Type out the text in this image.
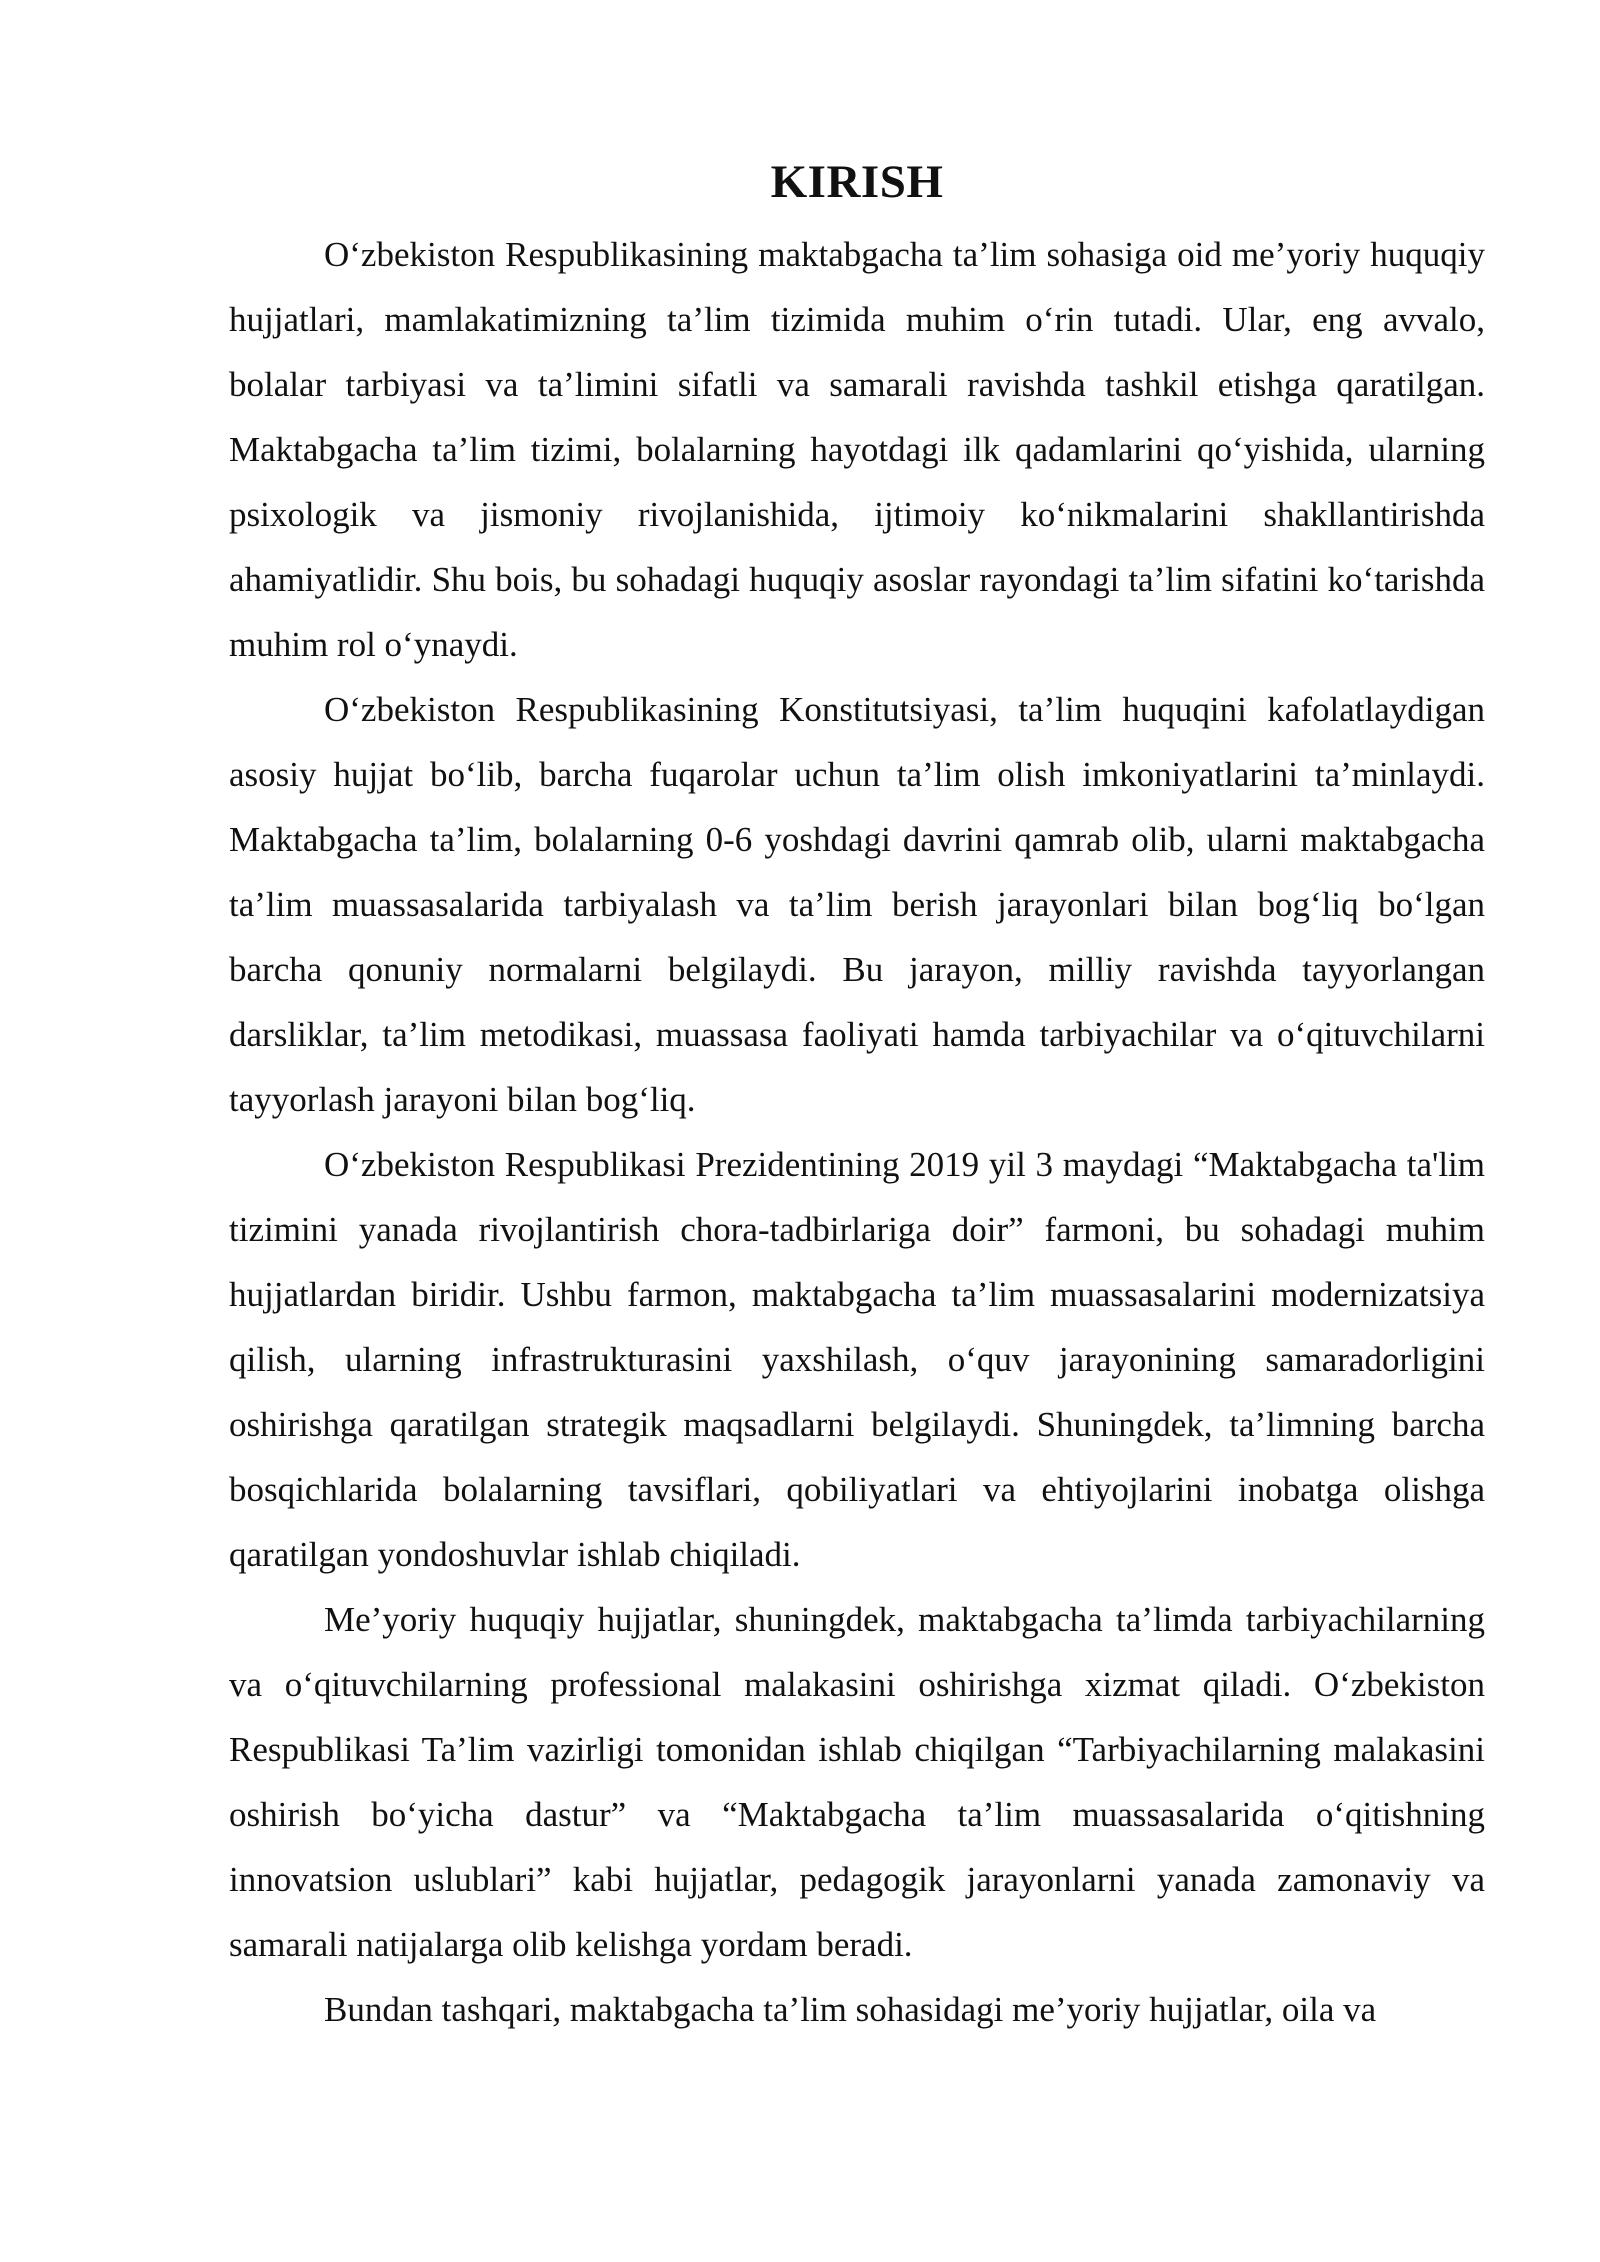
KIRISH

O‘zbekiston Respublikasining maktabgacha ta’lim sohasiga oid me’yoriy huquqiy hujjatlari, mamlakatimizning ta’lim tizimida muhim o‘rin tutadi. Ular, eng avvalo, bolalar tarbiyasi va ta’limini sifatli va samarali ravishda tashkil etishga qaratilgan. Maktabgacha ta’lim tizimi, bolalarning hayotdagi ilk qadamlarini qo‘yishida, ularning psixologik va jismoniy rivojlanishida, ijtimoiy ko‘nikmalarini shakllantirishda ahamiyatlidir. Shu bois, bu sohadagi huquqiy asoslar rayondagi ta’lim sifatini ko‘tarishda muhim rol o‘ynaydi.

O‘zbekiston Respublikasining Konstitutsiyasi, ta’lim huquqini kafolatlaydigan asosiy hujjat bo‘lib, barcha fuqarolar uchun ta’lim olish imkoniyatlarini ta’minlaydi. Maktabgacha ta’lim, bolalarning 0-6 yoshdagi davrini qamrab olib, ularni maktabgacha ta’lim muassasalarida tarbiyalash va ta’lim berish jarayonlari bilan bog‘liq bo‘lgan barcha qonuniy normalarni belgilaydi. Bu jarayon, milliy ravishda tayyorlangan darsliklar, ta’lim metodikasi, muassasa faoliyati hamda tarbiyachilar va o‘qituvchilarni tayyorlash jarayoni bilan bog‘liq.

O‘zbekiston Respublikasi Prezidentining 2019 yil 3 maydagi “Maktabgacha ta'lim tizimini yanada rivojlantirish chora-tadbirlariga doir” farmoni, bu sohadagi muhim hujjatlardan biridir. Ushbu farmon, maktabgacha ta’lim muassasalarini modernizatsiya qilish, ularning infrastrukturasini yaxshilash, o‘quv jarayonining samaradorligini oshirishga qaratilgan strategik maqsadlarni belgilaydi. Shuningdek, ta’limning barcha bosqichlarida bolalarning tavsiflari, qobiliyatlari va ehtiyojlarini inobatga olishga qaratilgan yondoshuvlar ishlab chiqiladi.

Me’yoriy huquqiy hujjatlar, shuningdek, maktabgacha ta’limda tarbiyachilarning va o‘qituvchilarning professional malakasini oshirishga xizmat qiladi. O‘zbekiston Respublikasi Ta’lim vazirligi tomonidan ishlab chiqilgan “Tarbiyachilarning malakasini oshirish bo‘yicha dastur” va “Maktabgacha ta’lim muassasalarida o‘qitishning innovatsion uslublari” kabi hujjatlar, pedagogik jarayonlarni yanada zamonaviy va samarali natijalarga olib kelishga yordam beradi.

Bundan tashqari, maktabgacha ta’lim sohasidagi me’yoriy hujjatlar, oila va
